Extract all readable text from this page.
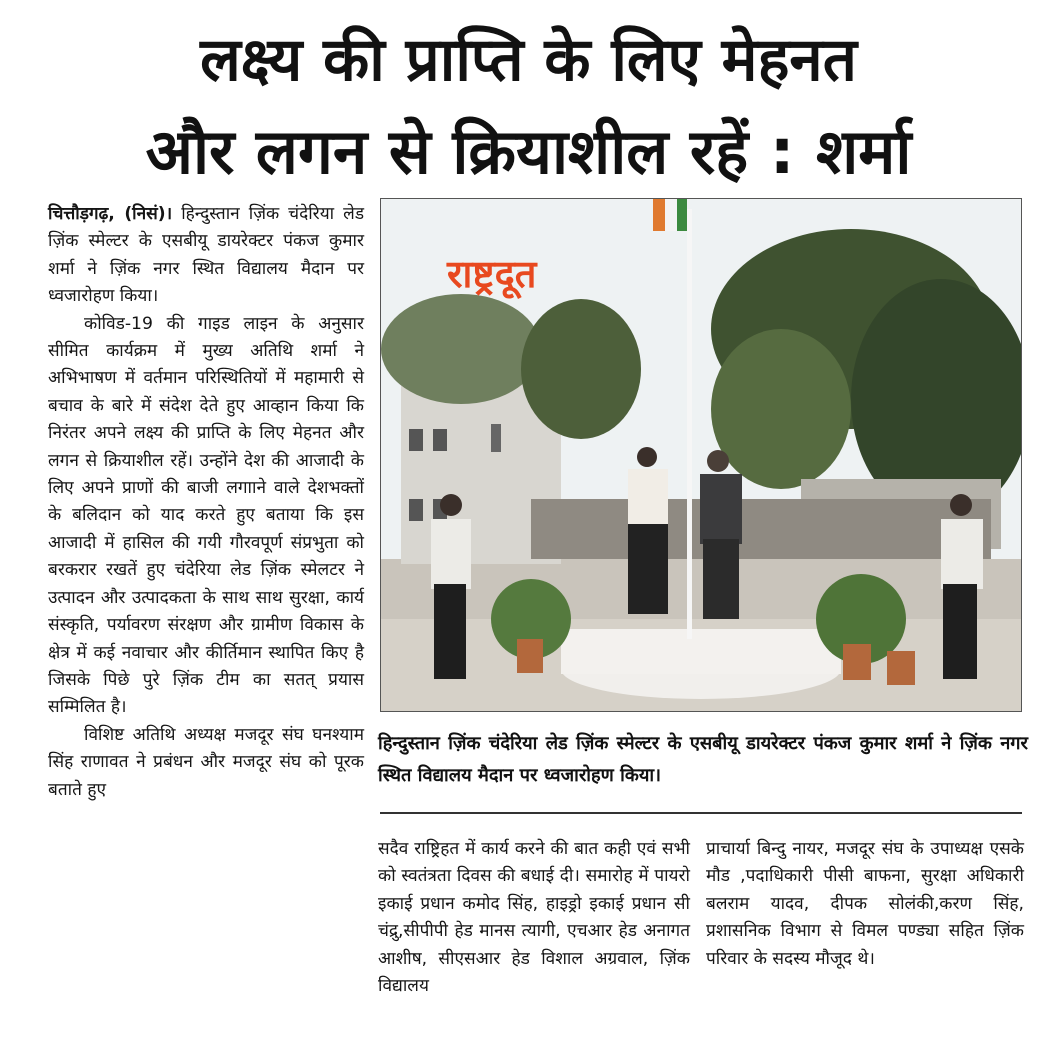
लक्ष्य की प्राप्ति के लिए मेहनत
और लगन से क्रियाशील रहें : शर्मा

चित्तौड़गढ़, (निसं)। हिन्दुस्तान ज़िंक चंदेरिया लेड ज़िंक स्मेल्टर के एसबीयू डायरेक्टर पंकज कुमार शर्मा ने ज़िंक नगर स्थित विद्यालय मैदान पर ध्वजारोहण किया।

कोविड-19 की गाइड लाइन के अनुसार सीमित कार्यक्रम में मुख्य अतिथि शर्मा ने अभिभाषण में वर्तमान परिस्थितियों में महामारी से बचाव के बारे में संदेश देते हुए आव्हान किया कि निरंतर अपने लक्ष्य की प्राप्ति के लिए मेहनत और लगन से क्रियाशील रहें। उन्होंने देश की आजादी के लिए अपने प्राणों की बाजी लगााने वाले देशभक्तों के बलिदान को याद करते हुए बताया कि इस आजादी में हासिल की गयी गौरवपूर्ण संप्रभुता को बरकरार रखतें हुए चंदेरिया लेड ज़िंक स्मेलटर ने उत्पादन और उत्पादकता के साथ साथ सुरक्षा, कार्य संस्कृति, पर्यावरण संरक्षण और ग्रामीण विकास के क्षेत्र में कई नवाचार और कीर्तिमान स्थापित किए है जिसके पिछे पुरे ज़िंक टीम का सतत् प्रयास सम्मिलित है।

विशिष्ट अतिथि अध्यक्ष मजदूर संघ घनश्याम सिंह राणावत ने प्रबंधन और मजदूर संघ को पूरक बताते हुए

राष्ट्रदूत
हिन्दुस्तान ज़िंक चंदेरिया लेड ज़िंक स्मेल्टर के एसबीयू डायरेक्टर पंकज कुमार शर्मा ने ज़िंक नगर स्थित विद्यालय मैदान पर ध्वजारोहण किया।

सदैव राष्ट्रिहत में कार्य करने की बात कही एवं सभी को स्वतंत्रता दिवस की बधाई दी। समारोह में पायरो इकाई प्रधान कमोद सिंह, हाइड्रो इकाई प्रधान सी चंद्रु,सीपीपी हेड मानस त्यागी, एचआर हेड अनागत आशीष, सीएसआर हेड विशाल अग्रवाल, ज़िंक विद्यालय

प्राचार्या बिन्दु नायर, मजदूर संघ के उपाध्यक्ष एसके मौड ,पदाधिकारी पीसी बाफना, सुरक्षा अधिकारी बलराम यादव, दीपक सोलंकी,करण सिंह, प्रशासनिक विभाग से विमल पण्ड्या सहित ज़िंक परिवार के सदस्य मौजूद थे।
